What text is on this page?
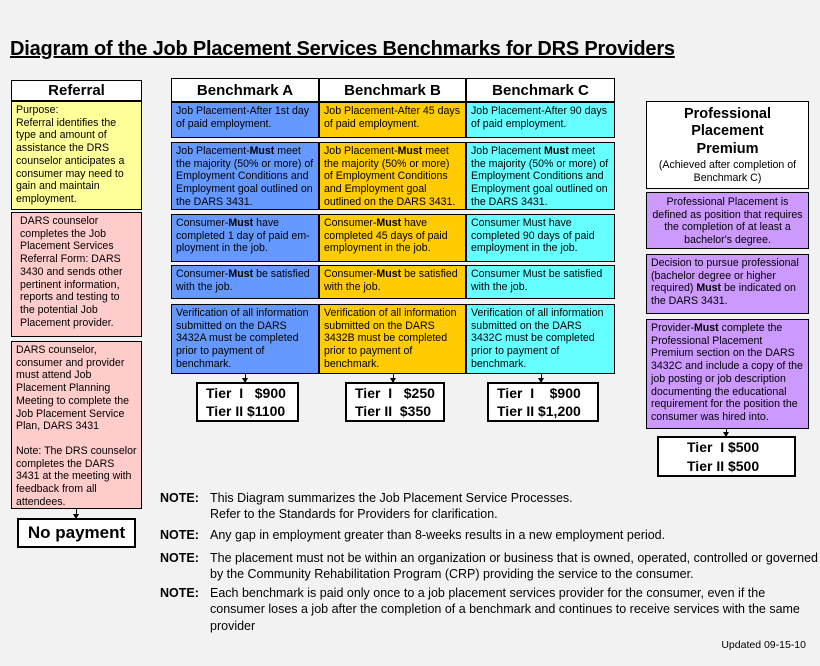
Diagram of the Job Placement Services Benchmarks for DRS Providers
Referral
Purpose:
Referral identifies the type and amount of assistance the DRS counselor anticipates a consumer may need to gain and maintain employment.
DARS counselor completes the Job Placement Services Referral Form: DARS 3430 and sends other pertinent information, reports and testing to the potential Job Placement provider.
DARS counselor, consumer and provider must attend Job Placement Planning Meeting to complete the Job Placement Service Plan, DARS 3431
Note: The DRS counselor completes the DARS 3431 at the meeting with feedback from all attendees.
No payment
Benchmark A
Job Placement-After 1st day of paid employment.
Job Placement-Must meet the majority (50% or more) of Employment Conditions and Employment goal outlined on the DARS 3431.
Consumer-Must have completed 1 day of paid em-ployment in the job.
Consumer-Must be satisfied with the job.
Verification of all information submitted on the DARS 3432A must be completed prior to payment of benchmark.
Tier  I   $900
Tier II $1100
Benchmark B
Job Placement-After 45 days of paid employment.
Job Placement-Must meet the majority (50% or more) of Employment Conditions and Employment goal outlined on the DARS 3431.
Consumer-Must have completed 45 days of paid employment in the job.
Consumer-Must be satisfied with the job.
Verification of all information submitted on the DARS 3432B must be completed prior to payment of benchmark.
Tier  I   $250
Tier II  $350
Benchmark C
Job Placement-After 90 days of paid employment.
Job Placement Must meet the majority (50% or more) of Employment Conditions and Employment goal outlined on the DARS 3431.
Consumer Must have completed 90 days of paid employment in the job.
Consumer Must be satisfied with the job.
Verification of all information submitted on the DARS 3432C must be completed prior to payment of benchmark.
Tier  I    $900
Tier II $1,200
Professional
Placement
Premium
(Achieved after completion of Benchmark C)
Professional Placement is defined as position that requires the completion of at least a bachelor's degree.
Decision to pursue professional (bachelor degree or higher required) Must be indicated on the DARS 3431.
Provider-Must complete the Professional Placement Premium section on the DARS 3432C and include a copy of the job posting or job description documenting the educational requirement for the position the consumer was hired into.
Tier  I $500
Tier II $500
NOTE: This Diagram summarizes the Job Placement Service Processes.
Refer to the Standards for Providers for clarification.
NOTE: Any gap in employment greater than 8-weeks results in a new employment period.
NOTE: The placement must not be within an organization or business that is owned, operated, controlled or governed by the Community Rehabilitation Program (CRP) providing the service to the consumer.
NOTE: Each benchmark is paid only once to a job placement services provider for the consumer, even if the consumer loses a job after the completion of a benchmark and continues to receive services with the same provider
Updated 09-15-10
